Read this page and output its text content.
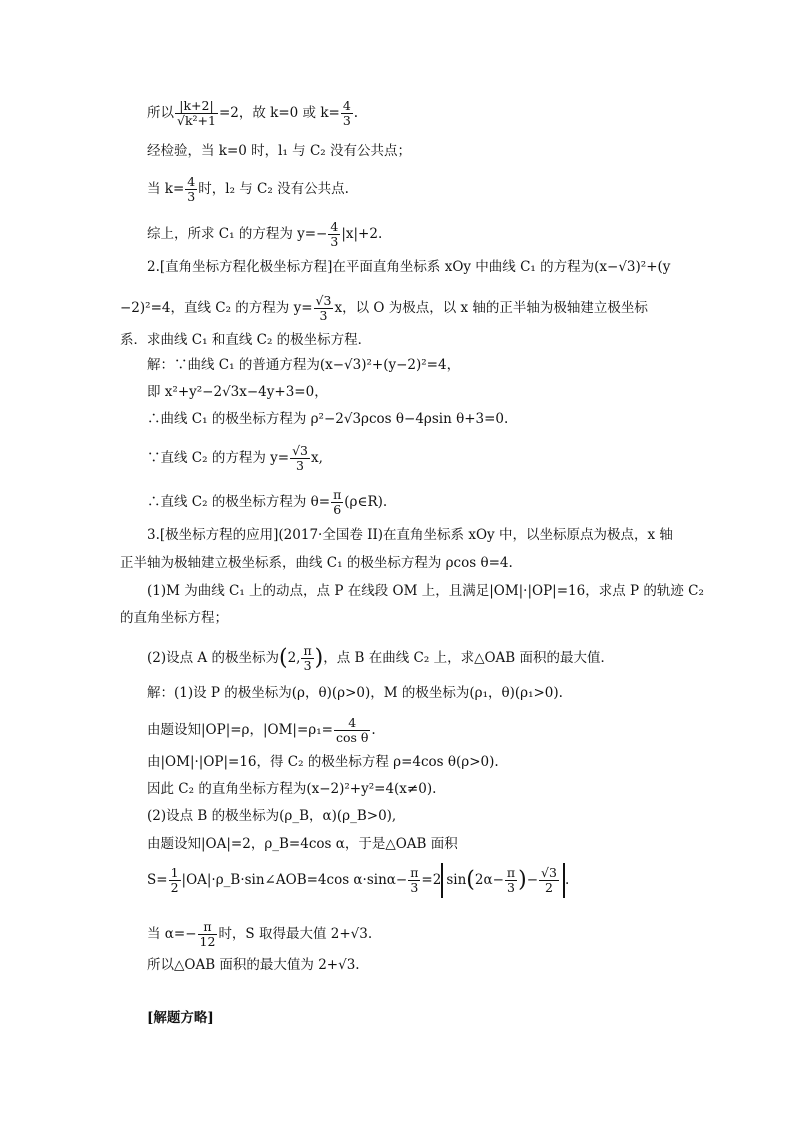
所以 $\frac{|k+2|}{\text{√k²+1}} =2$，故 k=0 或 $k= \frac{4}{3}$ .
经检验，当 k=0 时，l₁ 与 C₂ 没有公共点；
当 $k= \frac{4}{3}$ 时，l₂ 与 C₂ 没有公共点.
综上，所求 C₁ 的方程为 $y=- \frac{4}{3} |x|+2$.
2.[直角坐标方程化极坐标方程]在平面直角坐标系 xOy 中曲线 C₁ 的方程为(x−√3)²+(y
−2)²=4，直线 C₂ 的方程为 $y= \frac{√3}{3}$ x，以 O 为极点，以 x 轴的正半轴为极轴建立极坐标
系．求曲线 C₁ 和直线 C₂ 的极坐标方程．
解：∵曲线 C₁ 的普通方程为(x−√3)²+(y−2)²=4，
即 x²+y²−2√3x−4y+3=0，
∴曲线 C₁ 的极坐标方程为 ρ²−2√3ρcos θ−4ρsin θ+3=0.
∵直线 C₂ 的方程为 $y= \frac{√3}{3} x$,
∴直线 C₂ 的极坐标方程为 $\theta= \frac{\pi}{6}$ (ρ∈R).
3.[极坐标方程的应用](2017·全国卷 II)在直角坐标系 xOy 中，以坐标原点为极点，x 轴
正半轴为极轴建立极坐标系，曲线 C₁ 的极坐标方程为 ρcos θ=4.
(1)M 为曲线 C₁ 上的动点，点 P 在线段 OM 上，且满足|OM|·|OP|=16，求点 P 的轨迹 C₂
的直角坐标方程；
(2)设点 A 的极坐标为(2, $\frac{\pi}{3}$ )，点 B 在曲线 C₂ 上，求△OAB 面积的最大值．
解：(1)设 P 的极坐标为(ρ，θ)(ρ>0)，M 的极坐标为(ρ₁，θ)(ρ₁>0).
由题设知|OP|=ρ，$|OM|=\rho_1= \frac{4}{\text{cos θ}}$ .
由|OM|·|OP|=16，得 C₂ 的极坐标方程 ρ=4cos θ(ρ>0).
因此 C₂ 的直角坐标方程为(x−2)²+y²=4(x≠0).
(2)设点 B 的极坐标为(ρ_B，α)(ρ_B>0),
由题设知|OA|=2，ρ_B=4cos α，于是△OAB 面积
$S= \frac{1}{2}$ |OA|·ρ_B·sin∠AOB=4cos $\alpha\cdot\sin\alpha- \frac{\pi}{3} =2$ $\sin(2\alpha- \frac{\pi}{3}$ )− $\frac{√3}{2}$ .
当 $\alpha=- \frac{\pi}{12}$ 时，S 取得最大值 2+√3.
所以△OAB 面积的最大值为 2+√3.
[解题方略]
